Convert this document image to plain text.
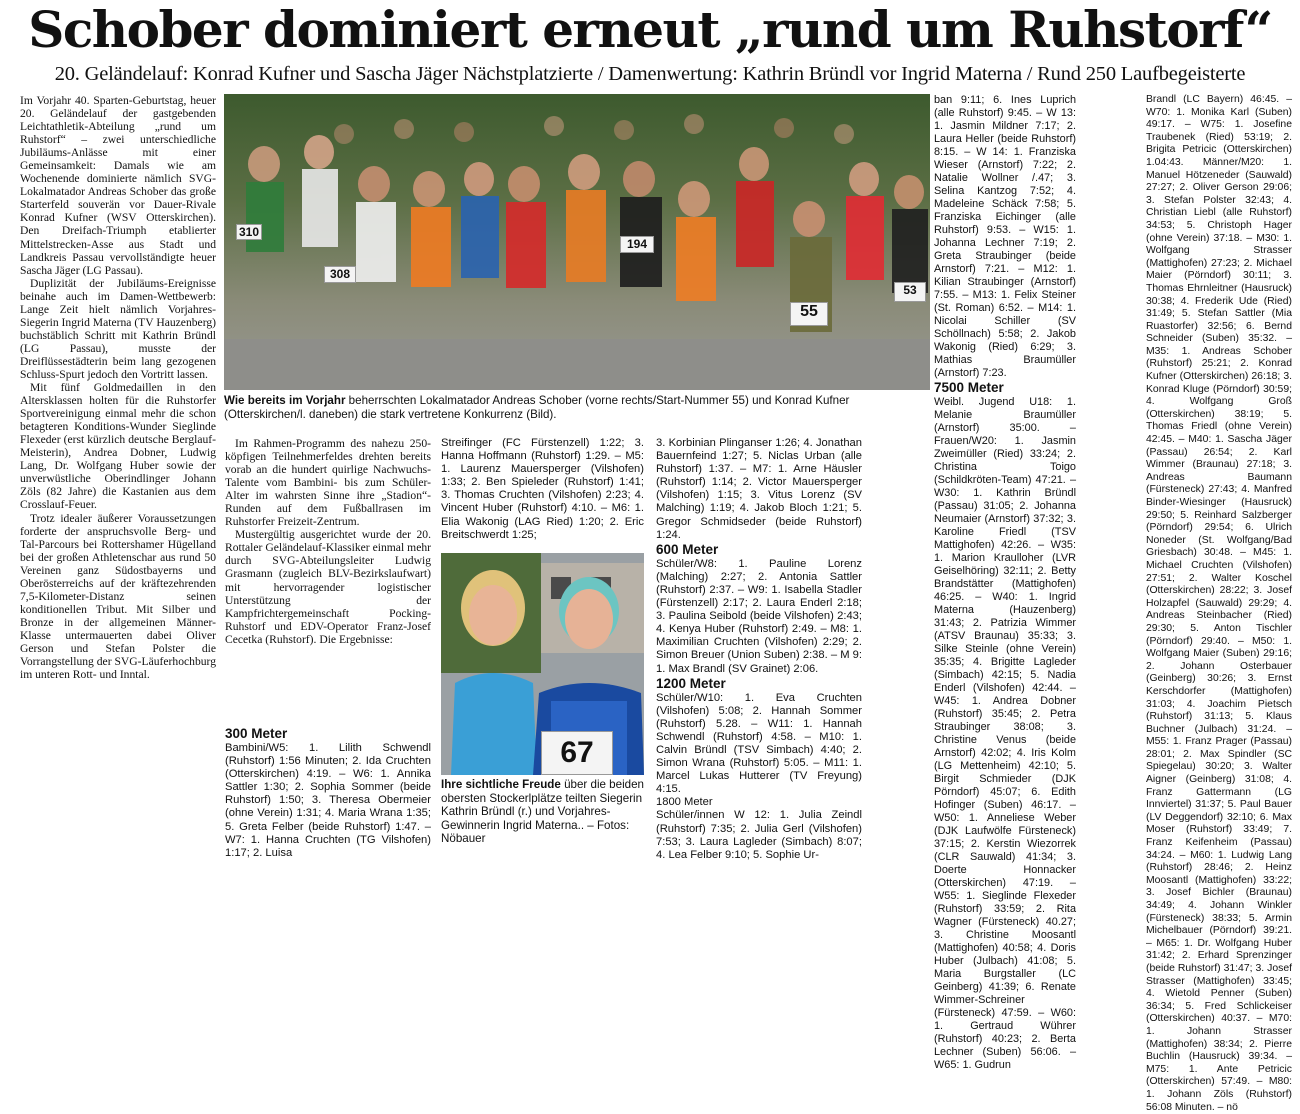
Schober dominiert erneut „rund um Ruhstorf“
20. Geländelauf: Konrad Kufner und Sascha Jäger Nächstplatzierte / Damenwertung: Kathrin Bründl vor Ingrid Materna / Rund 250 Laufbegeisterte

Im Vorjahr 40. Sparten-Geburtstag, heuer 20. Geländelauf der gastgebenden Leichtathletik-Abteilung „rund um Ruhstorf“ – zwei unterschiedliche Jubiläums-Anlässe mit einer Gemeinsamkeit: Damals wie am Wochenende dominierte nämlich SVG-Lokalmatador Andreas Schober das große Starterfeld souverän vor Dauer-Rivale Konrad Kufner (WSV Otterskirchen). Den Dreifach-Triumph etablierter Mittelstrecken-Asse aus Stadt und Landkreis Passau vervollständigte heuer Sascha Jäger (LG Passau).

Duplizität der Jubiläums-Ereignisse beinahe auch im Damen-Wettbewerb: Lange Zeit hielt nämlich Vorjahres-Siegerin Ingrid Materna (TV Hauzenberg) buchstäblich Schritt mit Kathrin Bründl (LG Passau), musste der Dreiflüssestädterin beim lang gezogenen Schluss-Spurt jedoch den Vortritt lassen.

Mit fünf Goldmedaillen in den Altersklassen holten für die Ruhstorfer Sportvereinigung einmal mehr die schon betagteren Konditions-Wunder Sieglinde Flexeder (erst kürzlich deutsche Berglauf-Meisterin), Andrea Dobner, Ludwig Lang, Dr. Wolfgang Huber sowie der unverwüstliche Oberindlinger Johann Zöls (82 Jahre) die Kastanien aus dem Crosslauf-Feuer.

Trotz idealer äußerer Voraussetzungen forderte der anspruchsvolle Berg- und Tal-Parcours bei Rottershamer Hügelland bei der großen Athletenschar aus rund 50 Vereinen ganz Südostbayerns und Oberösterreichs auf der kräftezehrenden 7,5-Kilometer-Distanz seinen konditionellen Tribut. Mit Silber und Bronze in der allgemeinen Männer-Klasse untermauerten dabei Oliver Gerson und Stefan Polster die Vorrangstellung der SVG-Läuferhochburg im unteren Rott- und Inntal.

310
308
194
53
55
Wie bereits im Vorjahr beherrschten Lokalmatador Andreas Schober (vorne rechts/Start-Nummer 55) und Konrad Kufner (Otterskirchen/l. daneben) die stark vertretene Konkurrenz (Bild).

Im Rahmen-Programm des nahezu 250-köpfigen Teilnehmerfeldes drehten bereits vorab an die hundert quirlige Nachwuchs-Talente vom Bambini- bis zum Schüler-Alter im wahrsten Sinne ihre „Stadion“-Runden auf dem Fußballrasen im Ruhstorfer Freizeit-Zentrum.

Mustergültig ausgerichtet wurde der 20. Rottaler Geländelauf-Klassiker einmal mehr durch SVG-Abteilungsleiter Ludwig Grasmann (zugleich BLV-Bezirkslaufwart) mit hervorragender logistischer Unterstützung der Kampfrichtergemeinschaft Pocking-Ruhstorf und EDV-Operator Franz-Josef Cecetka (Ruhstorf). Die Ergebnisse:

300 Meter

Bambini/W5: 1. Lilith Schwendl (Ruhstorf) 1:56 Minuten; 2. Ida Cruchten (Otterskirchen) 4:19. – W6: 1. Annika Sattler 1:30; 2. Sophia Sommer (beide Ruhstorf) 1:50; 3. Theresa Obermeier (ohne Verein) 1:31; 4. Maria Wrana 1:35; 5. Greta Felber (beide Ruhstorf) 1:47. – W7: 1. Hanna Cruchten (TG Vilshofen) 1:17; 2. Luisa

Streifinger (FC Fürstenzell) 1:22; 3. Hanna Hoffmann (Ruhstorf) 1:29. – M5: 1. Laurenz Mauersperger (Vilshofen) 1:33; 2. Ben Spieleder (Ruhstorf) 1:41; 3. Thomas Cruchten (Vilshofen) 2:23; 4. Vincent Huber (Ruhstorf) 4:10. – M6: 1. Elia Wakonig (LAG Ried) 1:20; 2. Eric Breitschwerdt 1:25;

67
Ihre sichtliche Freude über die beiden obersten Stockerlplätze teilten Siegerin Kathrin Bründl (r.) und Vorjahres-Gewinnerin Ingrid Materna.. – Fotos: Nöbauer

3. Korbinian Plinganser 1:26; 4. Jonathan Bauernfeind 1:27; 5. Niclas Urban (alle Ruhstorf) 1:37. – M7: 1. Arne Häusler (Ruhstorf) 1:14; 2. Victor Mauersperger (Vilshofen) 1:15; 3. Vitus Lorenz (SV Malching) 1:19; 4. Jakob Bloch 1:21; 5. Gregor Schmidseder (beide Ruhstorf) 1:24.

600 Meter

Schüler/W8: 1. Pauline Lorenz (Malching) 2:27; 2. Antonia Sattler (Ruhstorf) 2:37. – W9: 1. Isabella Stadler (Fürstenzell) 2:17; 2. Laura Enderl 2:18; 3. Paulina Seibold (beide Vilshofen) 2:43; 4. Kenya Huber (Ruhstorf) 2:49. – M8: 1. Maximilian Cruchten (Vilshofen) 2:29; 2. Simon Breuer (Union Suben) 2:38. – M 9: 1. Max Brandl (SV Grainet) 2:06.

1200 Meter

Schüler/W10: 1. Eva Cruchten (Vilshofen) 5:08; 2. Hannah Sommer (Ruhstorf) 5.28. – W11: 1. Hannah Schwendl (Ruhstorf) 4:58. – M10: 1. Calvin Bründl (TSV Simbach) 4:40; 2. Simon Wrana (Ruhstorf) 5:05. – M11: 1. Marcel Lukas Hutterer (TV Freyung) 4:15.

1800 Meter

Schüler/innen W 12: 1. Julia Zeindl (Ruhstorf) 7:35; 2. Julia Gerl (Vilshofen) 7:53; 3. Laura Lagleder (Simbach) 8:07; 4. Lea Felber 9:10; 5. Sophie Ur-

ban 9:11; 6. Ines Luprich (alle Ruhstorf) 9:45. – W 13: 1. Jasmin Mildner 7:17; 2. Laura Heller (beide Ruhstorf) 8:15. – W 14: 1. Franziska Wieser (Arnstorf) 7:22; 2. Natalie Wollner /.47; 3. Selina Kantzog 7:52; 4. Madeleine Schäck 7:58; 5. Franziska Eichinger (alle Ruhstorf) 9:53. – W15: 1. Johanna Lechner 7:19; 2. Greta Straubinger (beide Arnstorf) 7:21. – M12: 1. Kilian Straubinger (Arnstorf) 7:55. – M13: 1. Felix Steiner (St. Roman) 6:52. – M14: 1. Nicolai Schiller (SV Schöllnach) 5:58; 2. Jakob Wakonig (Ried) 6:29; 3. Mathias Braumüller (Arnstorf) 7:23.

7500 Meter

Weibl. Jugend U18: 1. Melanie Braumüller (Arnstorf) 35:00. – Frauen/W20: 1. Jasmin Zweimüller (Ried) 33:24; 2. Christina Toigo (Schildkröten-Team) 47:21. – W30: 1. Kathrin Bründl (Passau) 31:05; 2. Johanna Neumaier (Arnstorf) 37:32; 3. Karoline Friedl (TSV Mattighofen) 42:26. – W35: 1. Marion Kraulloher (LVR Geiselhöring) 32:11; 2. Betty Brandstätter (Mattighofen) 46:25. – W40: 1. Ingrid Materna (Hauzenberg) 31:43; 2. Patrizia Wimmer (ATSV Braunau) 35:33; 3. Silke Steinle (ohne Verein) 35:35; 4. Brigitte Lagleder (Simbach) 42:15; 5. Nadia Enderl (Vilshofen) 42:44. – W45: 1. Andrea Dobner (Ruhstorf) 35:45; 2. Petra Straubinger 38:08; 3. Christine Venus (beide Arnstorf) 42:02; 4. Iris Kolm (LG Mettenheim) 42:10; 5. Birgit Schmieder (DJK Pörndorf) 45:07; 6. Edith Hofinger (Suben) 46:17. – W50: 1. Anneliese Weber (DJK Laufwölfe Fürsteneck) 37:15; 2. Kerstin Wiezorrek (CLR Sauwald) 41:34; 3. Doerte Honnacker (Otterskirchen) 47:19. – W55: 1. Sieglinde Flexeder (Ruhstorf) 33:59; 2. Rita Wagner (Fürsteneck) 40.27; 3. Christine Moosantl (Mattighofen) 40:58; 4. Doris Huber (Julbach) 41:08; 5. Maria Burgstaller (LC Geinberg) 41:39; 6. Renate Wimmer-Schreiner (Fürsteneck) 47:59. – W60: 1. Gertraud Wührer (Ruhstorf) 40:23; 2. Berta Lechner (Suben) 56:06. – W65: 1. Gudrun

Brandl (LC Bayern) 46:45. – W70: 1. Monika Karl (Suben) 49:17. – W75: 1. Josefine Traubenek (Ried) 53:19; 2. Brigita Petricic (Otterskirchen) 1.04:43. Männer/M20: 1. Manuel Hötzeneder (Sauwald) 27:27; 2. Oliver Gerson 29:06; 3. Stefan Polster 32:43; 4. Christian Liebl (alle Ruhstorf) 34:53; 5. Christoph Hager (ohne Verein) 37:18. – M30: 1. Wolfgang Strasser (Mattighofen) 27:23; 2. Michael Maier (Pörndorf) 30:11; 3. Thomas Ehrnleitner (Hausruck) 30:38; 4. Frederik Ude (Ried) 31:49; 5. Stefan Sattler (Mia Ruastorfer) 32:56; 6. Bernd Schneider (Suben) 35:32. – M35: 1. Andreas Schober (Ruhstorf) 25:21; 2. Konrad Kufner (Otterskirchen) 26:18; 3. Konrad Kluge (Pörndorf) 30:59; 4. Wolfgang Groß (Otterskirchen) 38:19; 5. Thomas Friedl (ohne Verein) 42:45. – M40: 1. Sascha Jäger (Passau) 26:54; 2. Karl Wimmer (Braunau) 27:18; 3. Andreas Baumann (Fürsteneck) 27:43; 4. Manfred Binder-Wiesinger (Hausruck) 29:50; 5. Reinhard Salzberger (Pörndorf) 29:54; 6. Ulrich Noneder (St. Wolfgang/Bad Griesbach) 30:48. – M45: 1. Michael Cruchten (Vilshofen) 27:51; 2. Walter Koschel (Otterskirchen) 28:22; 3. Josef Holzapfel (Sauwald) 29:29; 4. Andreas Steinbacher (Ried) 29:30; 5. Anton Tischler (Pörndorf) 29:40. – M50: 1. Wolfgang Maier (Suben) 29:16; 2. Johann Osterbauer (Geinberg) 30:26; 3. Ernst Kerschdorfer (Mattighofen) 31:03; 4. Joachim Pietsch (Ruhstorf) 31:13; 5. Klaus Buchner (Julbach) 31:24. – M55: 1. Franz Prager (Passau) 28:01; 2. Max Spindler (SC Spiegelau) 30:20; 3. Walter Aigner (Geinberg) 31:08; 4. Franz Gattermann (LG Innviertel) 31:37; 5. Paul Bauer (LV Deggendorf) 32:10; 6. Max Moser (Ruhstorf) 33:49; 7. Franz Keifenheim (Passau) 34:24. – M60: 1. Ludwig Lang (Ruhstorf) 28:46; 2. Heinz Moosantl (Mattighofen) 33:22; 3. Josef Bichler (Braunau) 34:49; 4. Johann Winkler (Fürsteneck) 38:33; 5. Armin Michelbauer (Pörndorf) 39:21. – M65: 1. Dr. Wolfgang Huber 31:42; 2. Erhard Sprenzinger (beide Ruhstorf) 31:47; 3. Josef Strasser (Mattighofen) 33:45; 4. Wietold Penner (Suben) 36:34; 5. Fred Schlickeiser (Otterskirchen) 40:37. – M70: 1. Johann Strasser (Mattighofen) 38:34; 2. Pierre Buchlin (Hausruck) 39:34. – M75: 1. Ante Petricic (Otterskirchen) 57:49. – M80: 1. Johann Zöls (Ruhstorf) 56:08 Minuten. – nö
